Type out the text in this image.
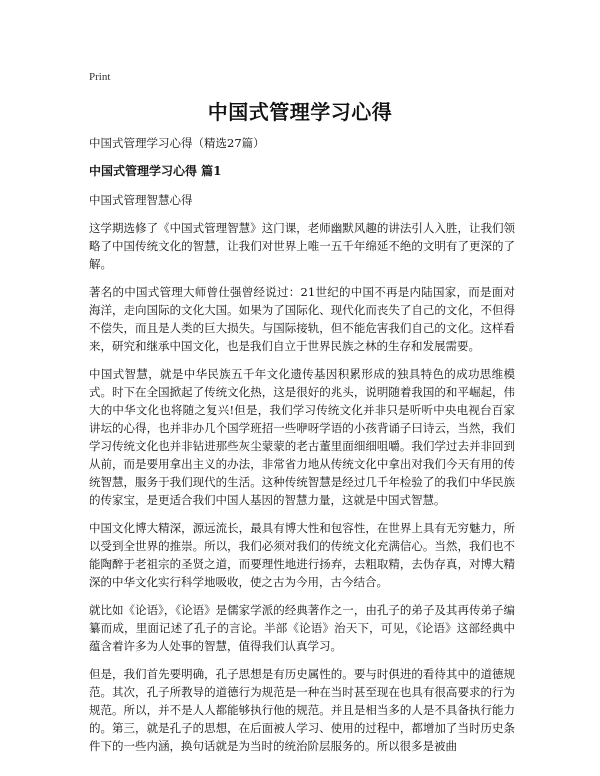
Print
中国式管理学习心得

中国式管理学习心得（精选27篇）

中国式管理学习心得 篇1

中国式管理智慧心得

这学期选修了《中国式管理智慧》这门课，老师幽默风趣的讲法引人入胜，让我们领略了中国传统文化的智慧，让我们对世界上唯一五千年绵延不绝的文明有了更深的了解。

著名的中国式管理大师曾仕强曾经说过：21世纪的中国不再是内陆国家，而是面对海洋，走向国际的文化大国。如果为了国际化、现代化而丧失了自己的文化，不但得不偿失，而且是人类的巨大损失。与国际接轨，但不能危害我们自己的文化。这样看来，研究和继承中国文化，也是我们自立于世界民族之林的生存和发展需要。

中国式智慧，就是中华民族五千年文化遗传基因积累形成的独具特色的成功思维模式。时下在全国掀起了传统文化热，这是很好的兆头，说明随着我国的和平崛起，伟大的中华文化也将随之复兴!但是，我们学习传统文化并非只是听听中央电视台百家讲坛的心得，也并非办几个国学班招一些咿呀学语的小孩背诵子曰诗云，当然，我们学习传统文化也并非钻进那些灰尘蒙蒙的老古董里面细细咀嚼。我们学过去并非回到从前，而是要用拿出主义的办法，非常省力地从传统文化中拿出对我们今天有用的传统智慧，服务于我们现代的生活。这种传统智慧是经过几千年检验了的我们中华民族的传家宝，是更适合我们中国人基因的智慧力量，这就是中国式智慧。

中国文化博大精深，源远流长，最具有博大性和包容性，在世界上具有无穷魅力，所以受到全世界的推崇。所以，我们必须对我们的传统文化充满信心。当然，我们也不能陶醉于老祖宗的圣贤之道，而要理性地进行扬弃，去粗取精，去伪存真，对博大精深的中华文化实行科学地吸收，使之古为今用，古今结合。

就比如《论语》，《论语》是儒家学派的经典著作之一，由孔子的弟子及其再传弟子编纂而成，里面记述了孔子的言论。半部《论语》治天下，可见，《论语》这部经典中蕴含着许多为人处事的智慧，值得我们认真学习。

但是，我们首先要明确，孔子思想是有历史属性的。要与时俱进的看待其中的道德规范。其次，孔子所教导的道德行为规范是一种在当时甚至现在也具有很高要求的行为规范。所以，并不是人人都能够执行他的规范。并且是相当多的人是不具备执行能力的。第三，就是孔子的思想，在后面被人学习、使用的过程中，都增加了当时历史条件下的一些内涵，换句话就是为当时的统治阶层服务的。所以很多是被曲
